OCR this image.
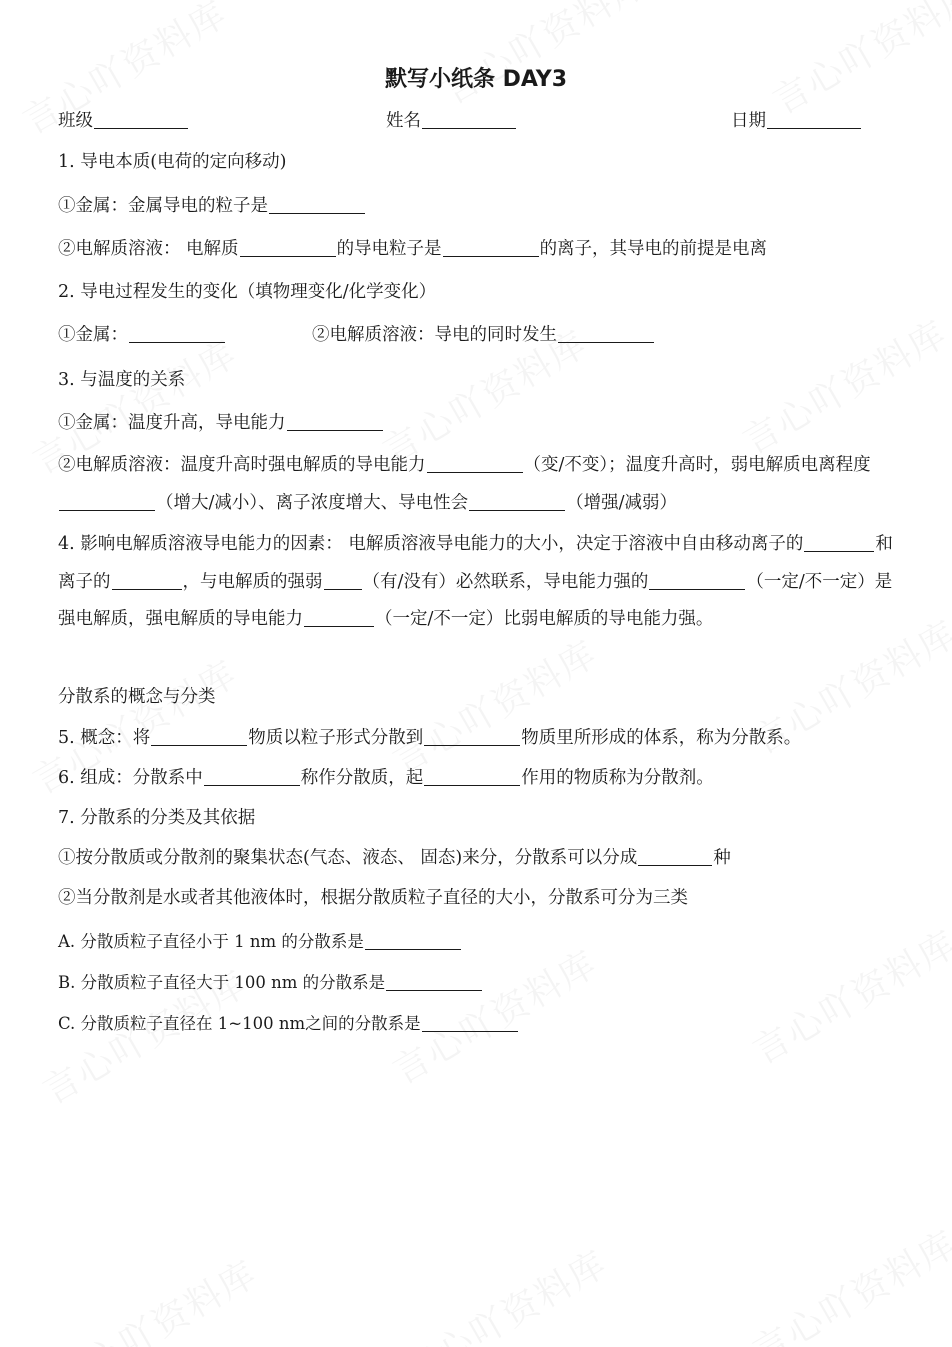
默写小纸条 DAY3
班级	姓名	日期
1. 导电本质(电荷的定向移动)
①金属：金属导电的粒子是
②电解质溶液： 电解质	的导电粒子是	的离子，其导电的前提是电离
2. 导电过程发生的变化（填物理变化/化学变化）
①金属：	②电解质溶液：导电的同时发生
3. 与温度的关系
①金属：温度升高，导电能力
②电解质溶液：温度升高时强电解质的导电能力	（变/不变）；温度升高时，弱电解质电离程度（增大/减小）、离子浓度增大、导电性会	（增强/减弱）
4. 影响电解质溶液导电能力的因素： 电解质溶液导电能力的大小，决定于溶液中自由移动离子的	和离子的	，与电解质的强弱 （有/没有）必然联系，导电能力强的	（一定/不一定）是强电解质，强电解质的导电能力	（一定/不一定）比弱电解质的导电能力强。
分散系的概念与分类
5. 概念：将	物质以粒子形式分散到	物质里所形成的体系，称为分散系。
6. 组成：分散系中	称作分散质，起	作用的物质称为分散剂。
7. 分散系的分类及其依据
①按分散质或分散剂的聚集状态(气态、液态、 固态)来分，分散系可以分成	种
②当分散剂是水或者其他液体时，根据分散质粒子直径的大小，分散系可分为三类
A. 分散质粒子直径小于 1 nm 的分散系是
B. 分散质粒子直径大于 100 nm 的分散系是
C. 分散质粒子直径在 1~100 nm之间的分散系是
